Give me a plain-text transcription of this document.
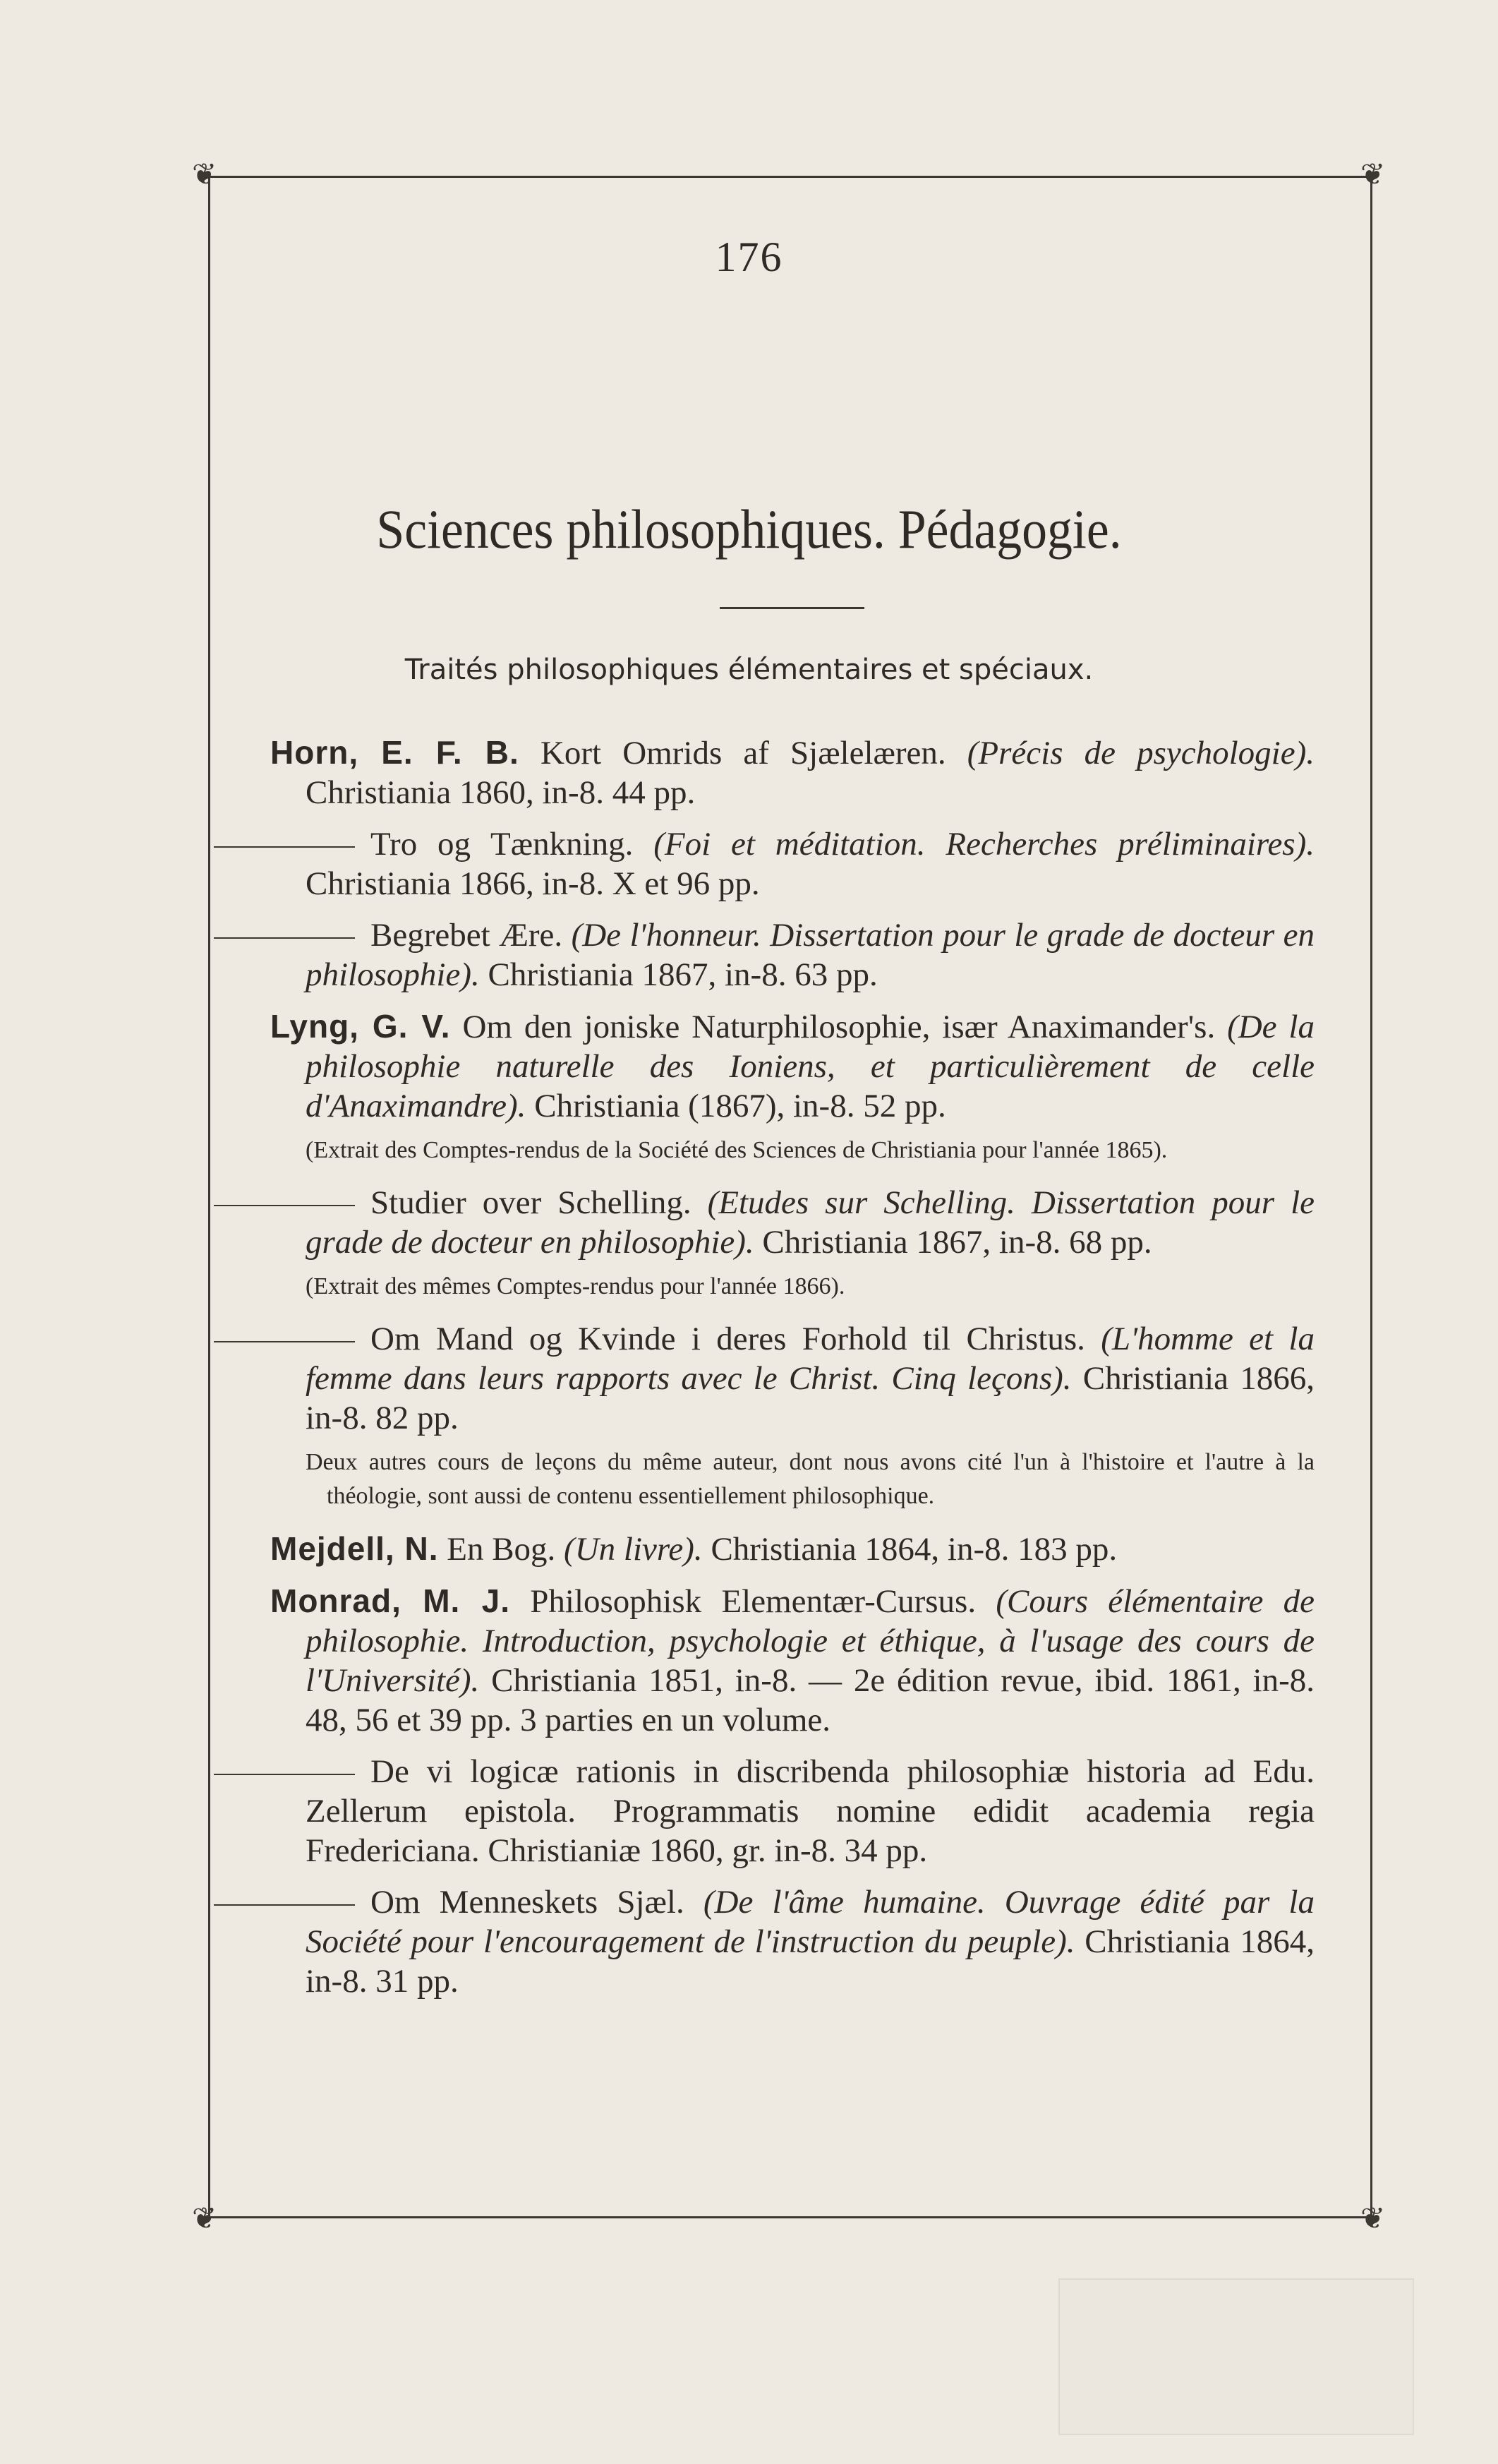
❦	❦
❦	❦
176
Sciences philosophiques. Pédagogie.
Traités philosophiques élémentaires et spéciaux.

Horn, E. F. B. Kort Omrids af Sjælelæren. (Précis de psychologie). Christiania 1860, in-8. 44 pp.

Tro og Tænkning. (Foi et méditation. Recherches préliminaires). Christiania 1866, in-8. X et 96 pp.

Begrebet Ære. (De l'honneur. Dissertation pour le grade de docteur en philosophie). Christiania 1867, in-8. 63 pp.

Lyng, G. V. Om den joniske Naturphilosophie, især Anaximander's. (De la philosophie naturelle des Ioniens, et particulièrement de celle d'Anaximandre). Christiania (1867), in-8. 52 pp.

(Extrait des Comptes-rendus de la Société des Sciences de Christiania pour l'année 1865).

Studier over Schelling. (Etudes sur Schelling. Dissertation pour le grade de docteur en philosophie). Christiania 1867, in-8. 68 pp.

(Extrait des mêmes Comptes-rendus pour l'année 1866).

Om Mand og Kvinde i deres Forhold til Christus. (L'homme et la femme dans leurs rapports avec le Christ. Cinq leçons). Christiania 1866, in-8. 82 pp.

Deux autres cours de leçons du même auteur, dont nous avons cité l'un à l'histoire et l'autre à la théologie, sont aussi de contenu essentiellement philosophique.

Mejdell, N. En Bog. (Un livre). Christiania 1864, in-8. 183 pp.

Monrad, M. J. Philosophisk Elementær-Cursus. (Cours élémentaire de philosophie. Introduction, psychologie et éthique, à l'usage des cours de l'Université). Christiania 1851, in-8. — 2e édition revue, ibid. 1861, in-8. 48, 56 et 39 pp. 3 parties en un volume.

De vi logicæ rationis in discribenda philosophiæ historia ad Edu. Zellerum epistola. Programmatis nomine edidit academia regia Fredericiana. Christianiæ 1860, gr. in-8. 34 pp.

Om Menneskets Sjæl. (De l'âme humaine. Ouvrage édité par la Société pour l'encouragement de l'instruction du peuple). Christiania 1864, in-8. 31 pp.
